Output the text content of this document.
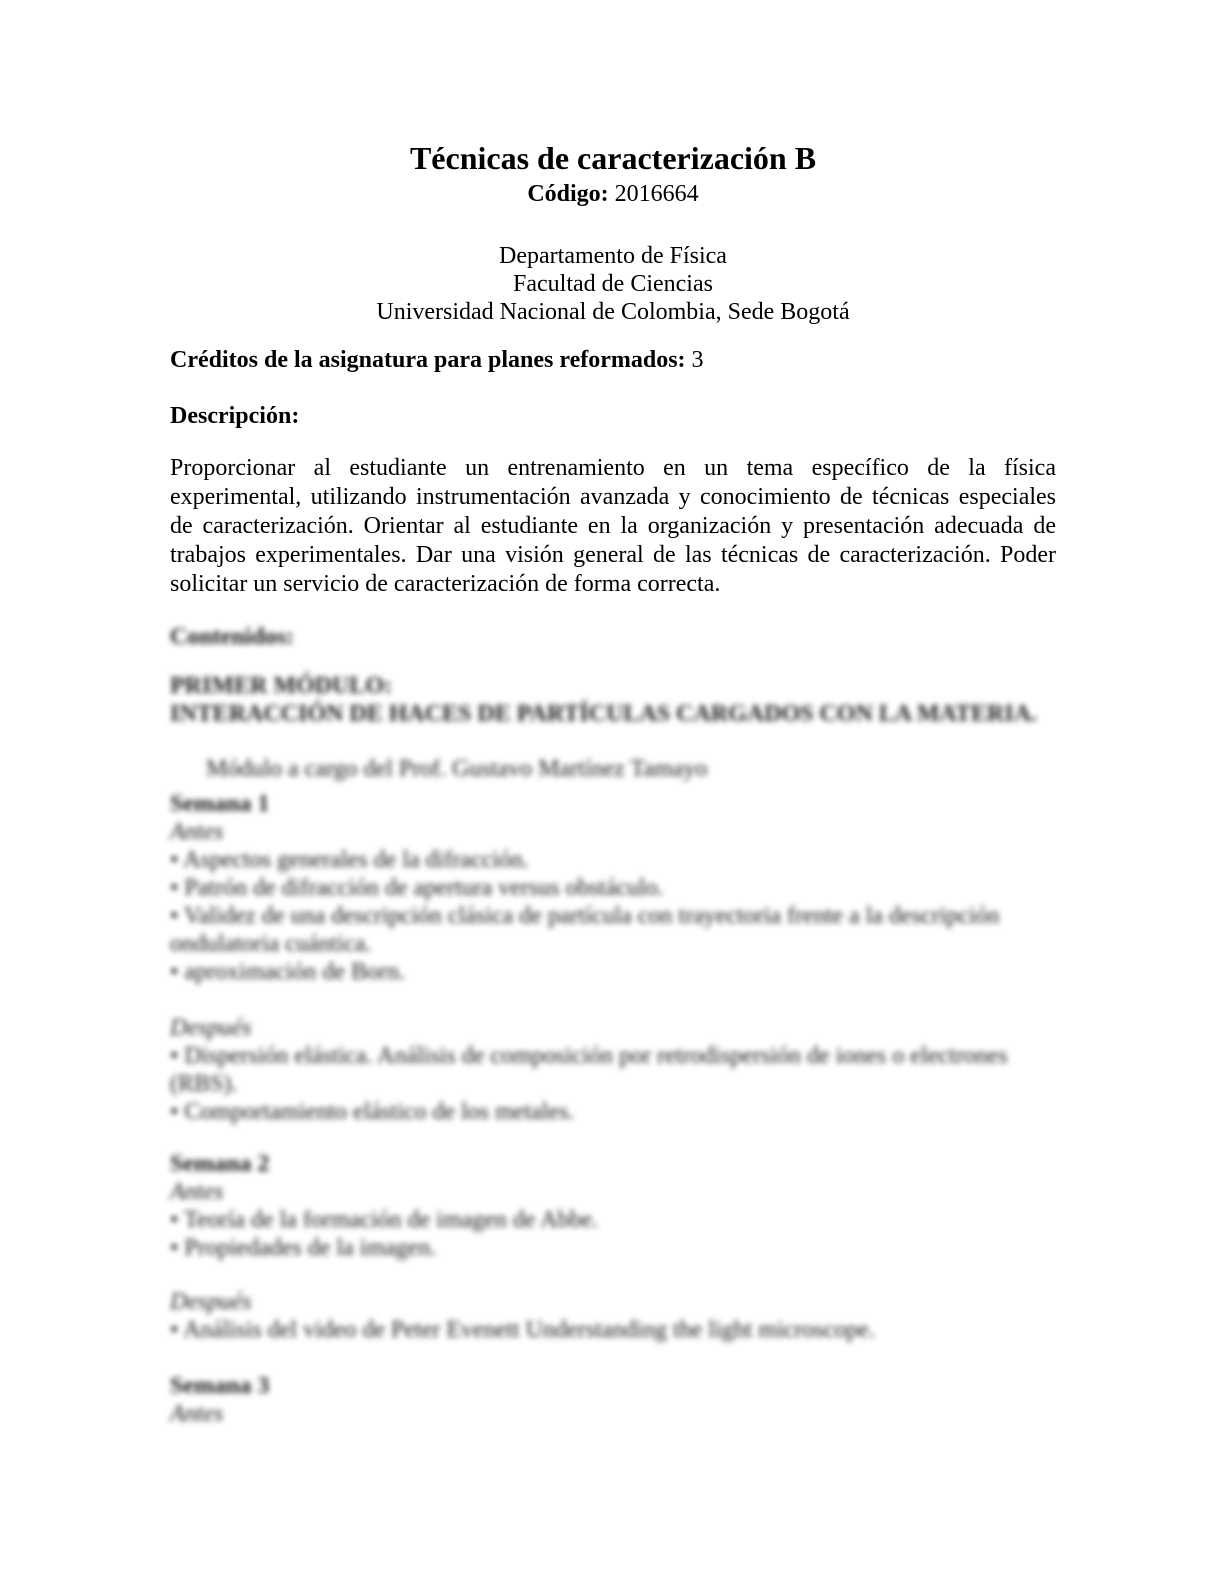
Técnicas de caracterización B
Código: 2016664
Departamento de Física
Facultad de Ciencias
Universidad Nacional de Colombia, Sede Bogotá
Créditos de la asignatura para planes reformados: 3
Descripción:
Proporcionar al estudiante un entrenamiento en un tema específico de la física experimental, utilizando instrumentación avanzada y conocimiento de técnicas especiales de caracterización. Orientar al estudiante en la organización y presentación adecuada de trabajos experimentales. Dar una visión general de las técnicas de caracterización. Poder solicitar un servicio de caracterización de forma correcta.
Contenidos:
PRIMER MÓDULO:
INTERACCIÓN DE HACES DE PARTÍCULAS CARGADOS CON LA MATERIA.
Módulo a cargo del Prof. Gustavo Martínez Tamayo
Semana 1
Antes
• Aspectos generales de la difracción.
• Patrón de difracción de apertura versus obstáculo.
• Validez de una descripción clásica de partícula con trayectoria frente a la descripción ondulatoria cuántica.
• aproximación de Born.
Después
• Dispersión elástica. Análisis de composición por retrodispersión de iones o electrones (RBS).
• Comportamiento elástico de los metales.
Semana 2
Antes
• Teoría de la formación de imagen de Abbe.
• Propiedades de la imagen.
Después
• Análisis del video de Peter Evenett Understanding the light microscope.
Semana 3
Antes
